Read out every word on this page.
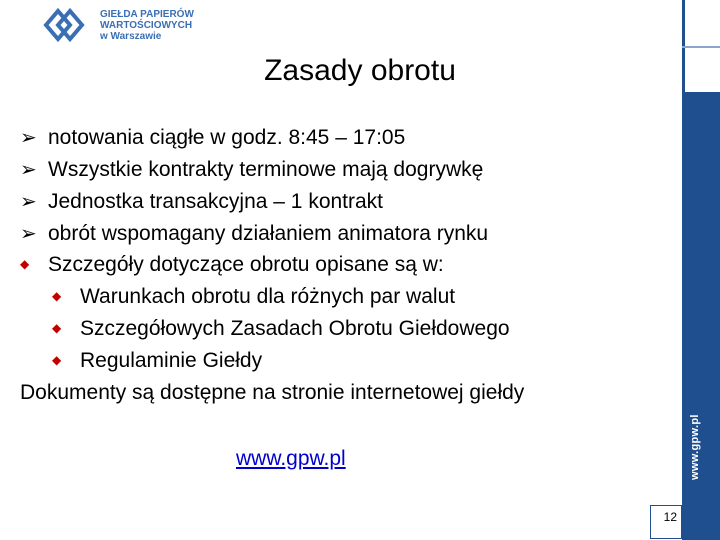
GIEŁDA PAPIERÓW
WARTOŚCIOWYCH
w Warszawie
www.gpw.pl
Zasady obrotu
➢ notowania ciągłe w godz. 8:45 – 17:05
➢ Wszystkie kontrakty terminowe mają dogrywkę
➢ Jednostka transakcyjna – 1 kontrakt
➢ obrót wspomagany działaniem animatora rynku
◆ Szczegóły dotyczące obrotu opisane są w:
◆ Warunkach obrotu dla różnych par walut
◆ Szczegółowych Zasadach Obrotu Giełdowego
◆ Regulaminie Giełdy
Dokumenty są dostępne na stronie internetowej giełdy
www.gpw.pl
12
